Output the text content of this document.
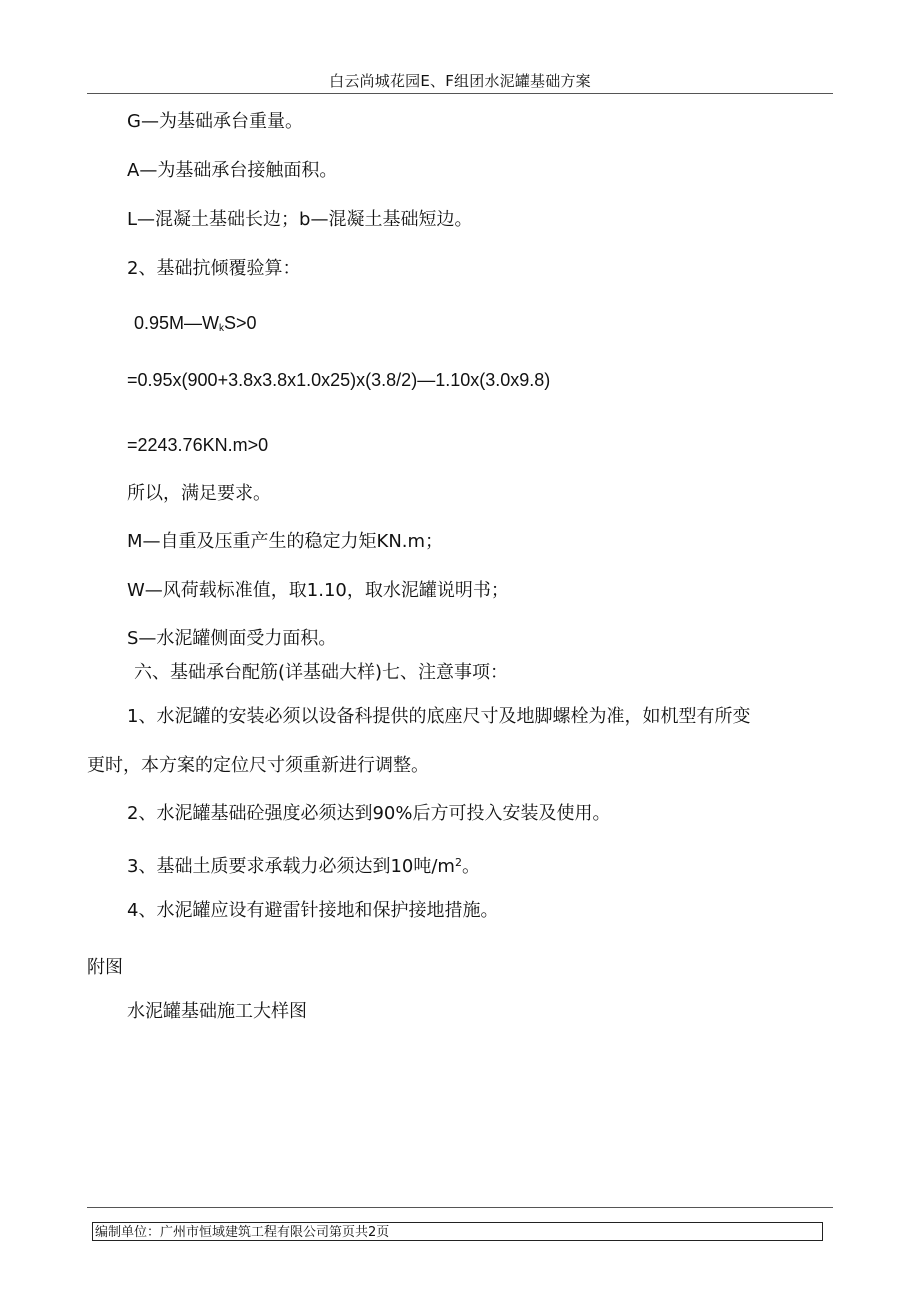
白云尚城花园E、F组团水泥罐基础方案
G—为基础承台重量。
A—为基础承台接触面积。
L—混凝土基础长边；b—混凝土基础短边。
2、基础抗倾覆验算：
$0.95M—W_kS>0$
=0.95x(900+3.8x3.8x1.0x25)x(3.8/2)—1.10x(3.0x9.8)
=2243.76KN.m>0
所以，满足要求。
M—自重及压重产生的稳定力矩KN.m；
W—风荷载标准值，取1.10，取水泥罐说明书；
S—水泥罐侧面受力面积。
六、基础承台配筋(详基础大样)七、注意事项：
1、水泥罐的安装必须以设备科提供的底座尺寸及地脚螺栓为准，如机型有所变
更时，本方案的定位尺寸须重新进行调整。
2、水泥罐基础砼强度必须达到90%后方可投入安装及使用。
3、基础土质要求承载力必须达到10吨$/m^2$。
4、水泥罐应设有避雷针接地和保护接地措施。
附图
水泥罐基础施工大样图
编制单位：广州市恒域建筑工程有限公司第页共2页
